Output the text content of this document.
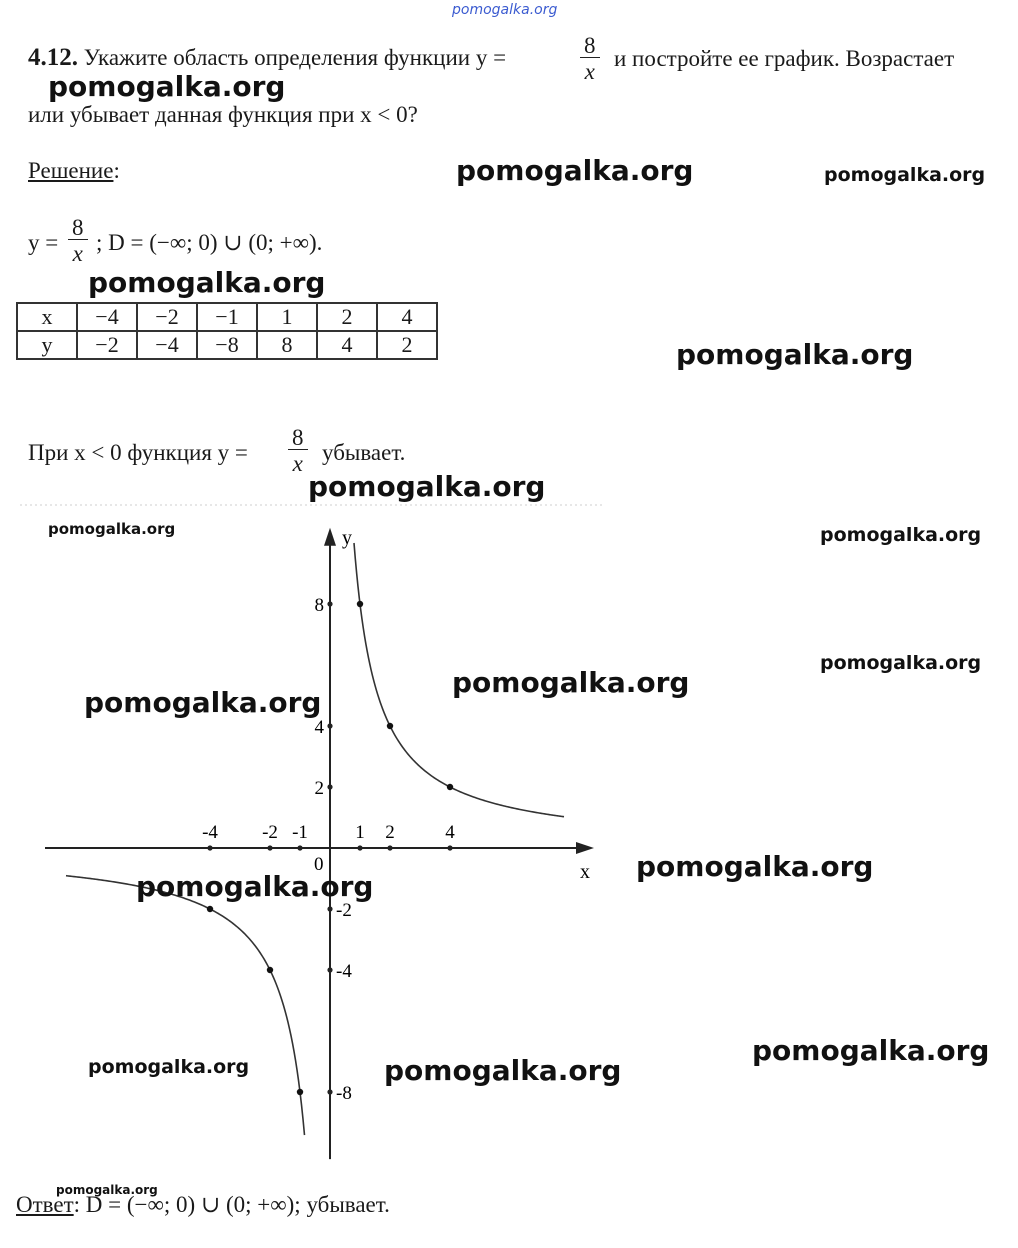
pomogalka.org
4.12. Укажите область определения функции y =	$\frac{8}{x}$ и постройте ее график. Возрастает
или убывает данная функция при x < 0?
Решение:
$y = \frac{8}{x}$ ; D = (−∞; 0) ∪ (0; +∞).
x	−4	−2	−1	1	2	4
y	−2	−4	−8	8	4	2
При x < 0 функция $y = \frac{8}{x}$ убывает.
x
y
0
-4 -2 -1 1 2	4
8
4
2
-2
-4
-8
Ответ: D = (−∞; 0) ∪ (0; +∞); убывает.
pomogalka.org
pomogalka.org	pomogalka.org
pomogalka.org
pomogalka.org
pomogalka.org
pomogalka.org	pomogalka.org
pomogalka.org
pomogalka.org
pomogalka.org
pomogalka.org
pomogalka.org
pomogalka.org
pomogalka.org	pomogalka.org
pomogalka.org
